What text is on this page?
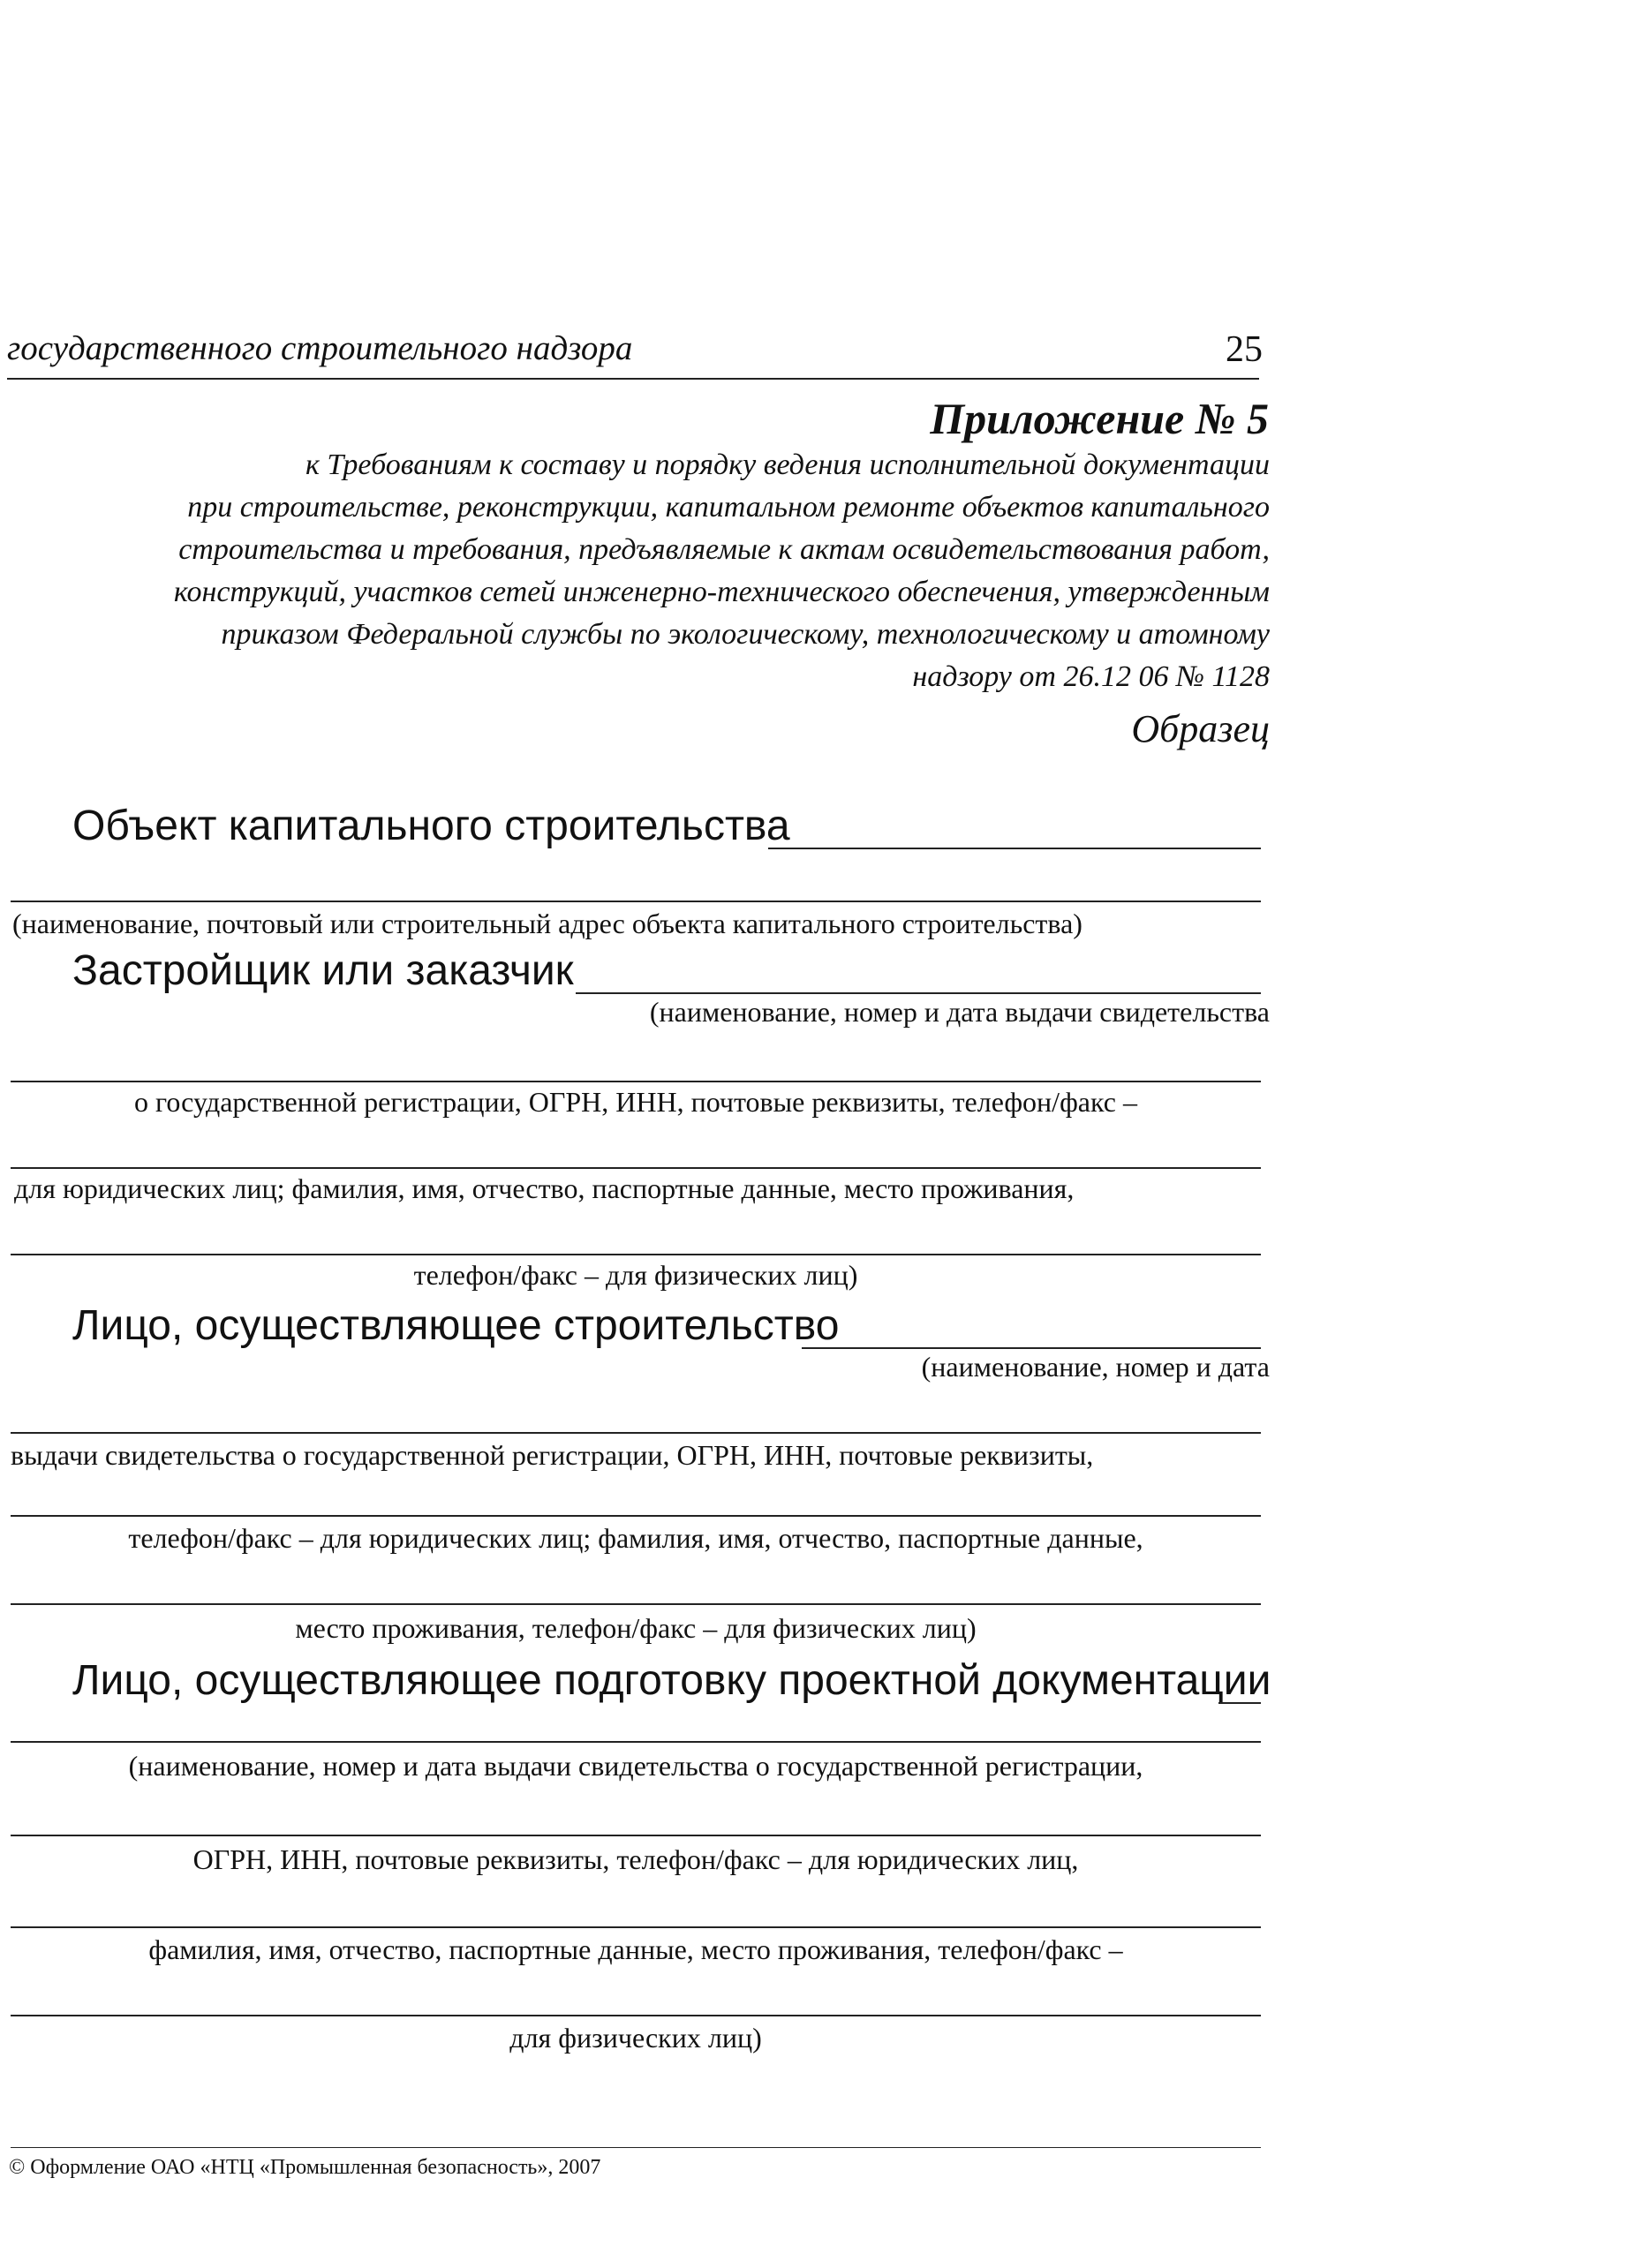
государственного строительного надзора	25
Приложение № 5
к Требованиям к составу и порядку ведения исполнительной документации
при строительстве, реконструкции, капитальном ремонте объектов капитального
строительства и требования, предъявляемые к актам освидетельствования работ,
конструкций, участков сетей инженерно-технического обеспечения, утвержденным
приказом Федеральной службы по экологическому, технологическому и атомному
надзору от 26.12 06 № 1128
Образец
Объект капитального строительства
(наименование, почтовый или строительный адрес объекта капитального строительства)
Застройщик или заказчик
(наименование, номер и дата выдачи свидетельства
о государственной регистрации, ОГРН, ИНН, почтовые реквизиты, телефон/факс –
для юридических лиц; фамилия, имя, отчество, паспортные данные, место проживания,
телефон/факс – для физических лиц)
Лицо, осуществляющее строительство
(наименование, номер и дата
выдачи свидетельства о государственной регистрации, ОГРН, ИНН, почтовые реквизиты,
телефон/факс – для юридических лиц; фамилия, имя, отчество, паспортные данные,
место проживания, телефон/факс – для физических лиц)
Лицо, осуществляющее подготовку проектной документации
(наименование, номер и дата выдачи свидетельства о государственной регистрации,
ОГРН, ИНН, почтовые реквизиты, телефон/факс – для юридических лиц,
фамилия, имя, отчество, паспортные данные, место проживания, телефон/факс –
для физических лиц)
© Оформление ОАО «НТЦ «Промышленная безопасность», 2007
